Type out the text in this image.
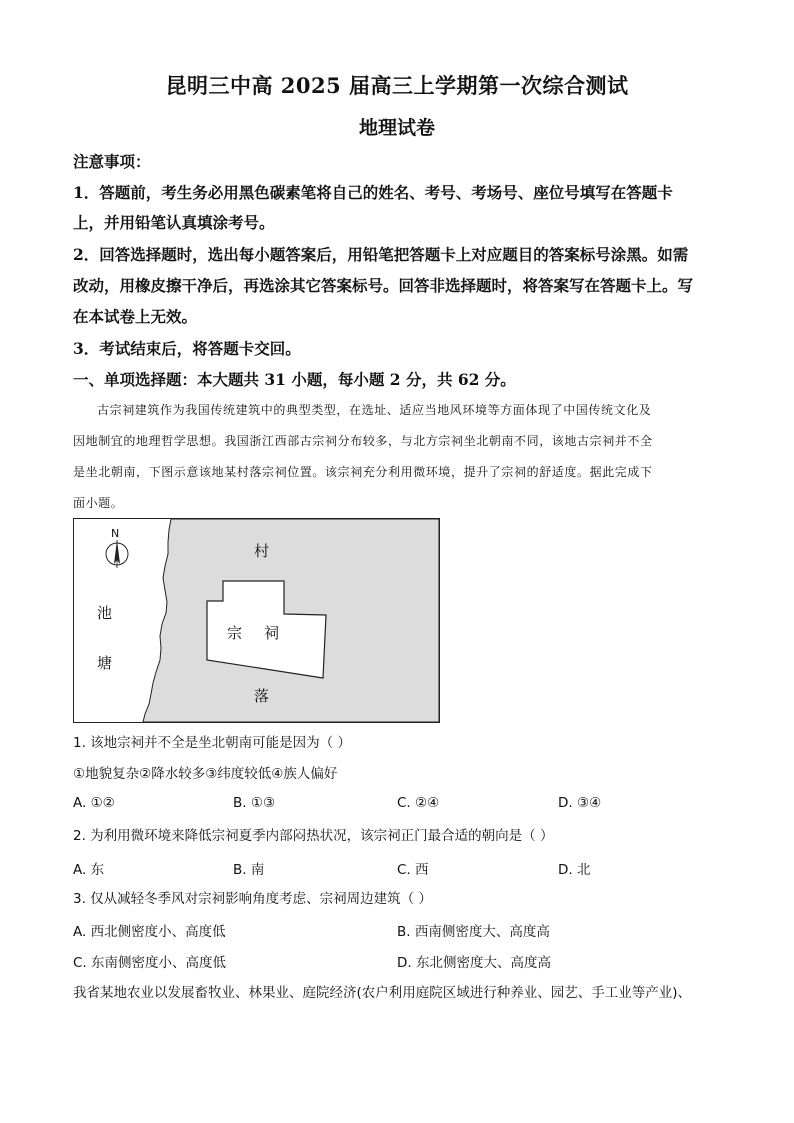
昆明三中高 2025 届高三上学期第一次综合测试
地理试卷
注意事项：
1．答题前，考生务必用黑色碳素笔将自己的姓名、考号、考场号、座位号填写在答题卡
上，并用铅笔认真填涂考号。
2．回答选择题时，选出每小题答案后，用铅笔把答题卡上对应题目的答案标号涂黑。如需
改动，用橡皮擦干净后，再选涂其它答案标号。回答非选择题时，将答案写在答题卡上。写
在本试卷上无效。
3．考试结束后，将答题卡交回。
一、单项选择题：本大题共 31 小题，每小题 2 分，共 62 分。
古宗祠建筑作为我国传统建筑中的典型类型，在选址、适应当地风环境等方面体现了中国传统文化及
因地制宜的地理哲学思想。我国浙江西部古宗祠分布较多，与北方宗祠坐北朝南不同，该地古宗祠并不全
是坐北朝南，下图示意该地某村落宗祠位置。该宗祠充分利用微环境，提升了宗祠的舒适度。据此完成下
面小题。
N
池
塘
村
落
宗 祠
1. 该地宗祠并不全是坐北朝南可能是因为（ ）
①地貌复杂②降水较多③纬度较低④族人偏好
A. ①②	B. ①③	C. ②④	D. ③④
2. 为利用微环境来降低宗祠夏季内部闷热状况，该宗祠正门最合适的朝向是（ ）
A. 东	B. 南	C. 西	D. 北
3. 仅从减轻冬季风对宗祠影响角度考虑、宗祠周边建筑（ ）
A. 西北侧密度小、高度低	B. 西南侧密度大、高度高
C. 东南侧密度小、高度低	D. 东北侧密度大、高度高
我省某地农业以发展畜牧业、林果业、庭院经济(农户利用庭院区域进行种养业、园艺、手工业等产业)、
